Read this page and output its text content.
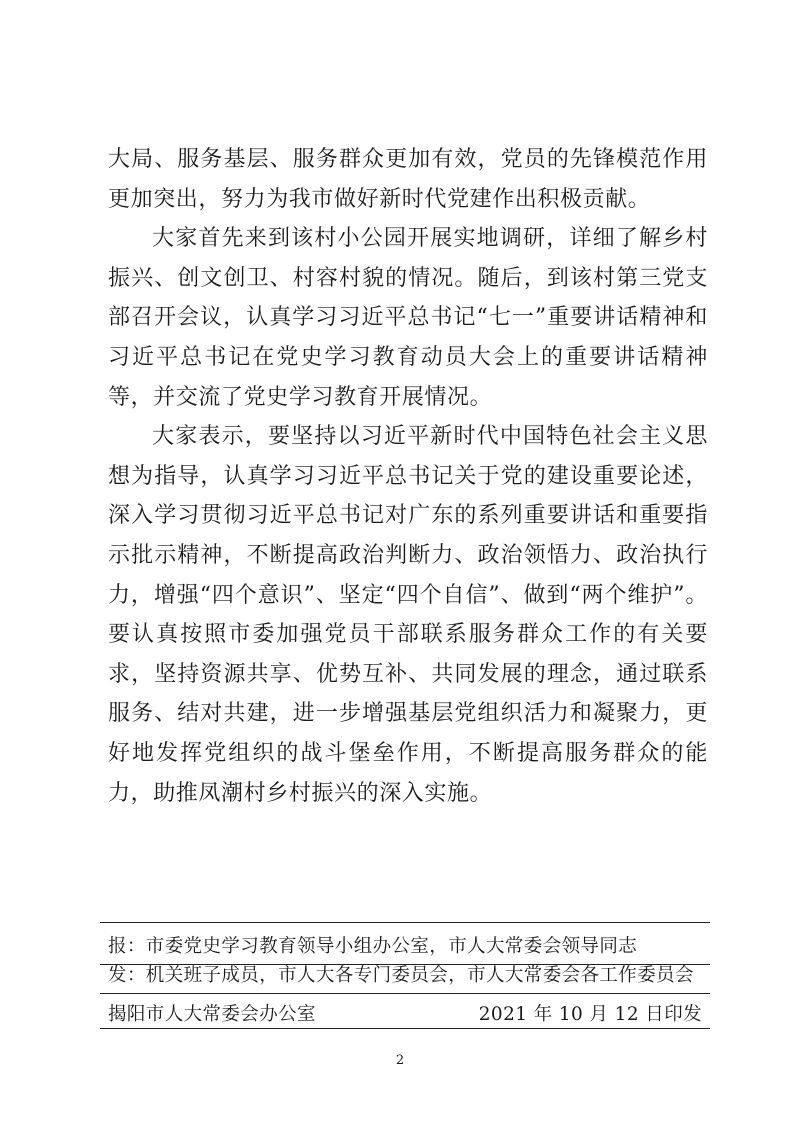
大局、服务基层、服务群众更加有效，党员的先锋模范作用更加突出，努力为我市做好新时代党建作出积极贡献。

大家首先来到该村小公园开展实地调研，详细了解乡村振兴、创文创卫、村容村貌的情况。随后，到该村第三党支部召开会议，认真学习习近平总书记“七一”重要讲话精神和习近平总书记在党史学习教育动员大会上的重要讲话精神等，并交流了党史学习教育开展情况。

大家表示，要坚持以习近平新时代中国特色社会主义思想为指导，认真学习习近平总书记关于党的建设重要论述，深入学习贯彻习近平总书记对广东的系列重要讲话和重要指示批示精神，不断提高政治判断力、政治领悟力、政治执行力，增强“四个意识”、坚定“四个自信”、做到“两个维护”。要认真按照市委加强党员干部联系服务群众工作的有关要求，坚持资源共享、优势互补、共同发展的理念，通过联系服务、结对共建，进一步增强基层党组织活力和凝聚力，更好地发挥党组织的战斗堡垒作用，不断提高服务群众的能力，助推凤潮村乡村振兴的深入实施。

报：市委党史学习教育领导小组办公室，市人大常委会领导同志
发：机关班子成员，市人大各专门委员会，市人大常委会各工作委员会
揭阳市人大常委会办公室	2021 年 10 月 12 日印发
2
